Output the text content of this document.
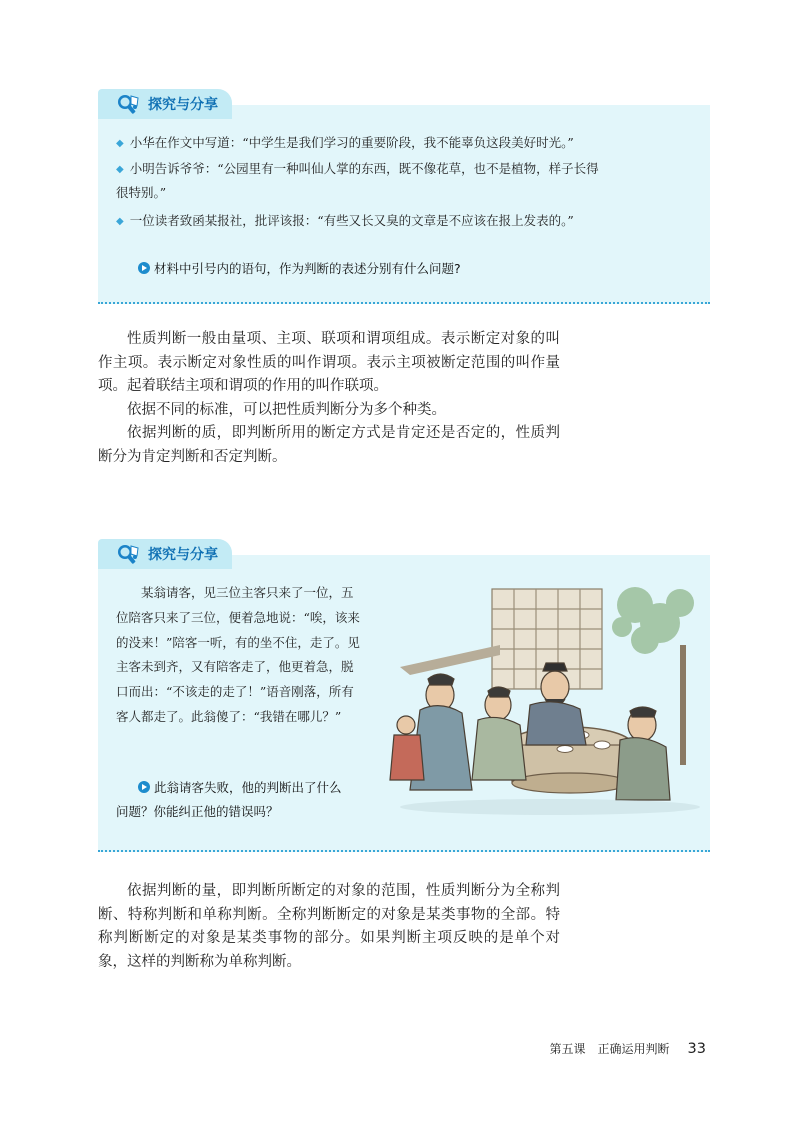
探究与分享
◆ 小华在作文中写道：“中学生是我们学习的重要阶段，我不能辜负这段美好时光。”
◆ 小明告诉爷爷：“公园里有一种叫仙人掌的东西，既不像花草，也不是植物，样子长得
很特别。”
◆ 一位读者致函某报社，批评该报：“有些又长又臭的文章是不应该在报上发表的。”
材料中引号内的语句，作为判断的表述分别有什么问题?

性质判断一般由量项、主项、联项和谓项组成。表示断定对象的叫作主项。表示断定对象性质的叫作谓项。表示主项被断定范围的叫作量项。起着联结主项和谓项的作用的叫作联项。

依据不同的标准，可以把性质判断分为多个种类。

依据判断的质，即判断所用的断定方式是肯定还是否定的，性质判断分为肯定判断和否定判断。

探究与分享

某翁请客，见三位主客只来了一位，五位陪客只来了三位，便着急地说：“唉，该来的没来！”陪客一听，有的坐不住，走了。见主客未到齐，又有陪客走了，他更着急，脱口而出：“不该走的走了！”语音刚落，所有客人都走了。此翁傻了：“我错在哪儿？”

此翁请客失败，他的判断出了什么
问题？你能纠正他的错误吗？

依据判断的量，即判断所断定的对象的范围，性质判断分为全称判断、特称判断和单称判断。全称判断断定的对象是某类事物的全部。特称判断断定的对象是某类事物的部分。如果判断主项反映的是单个对象，这样的判断称为单称判断。

第五课 正确运用判断 33
